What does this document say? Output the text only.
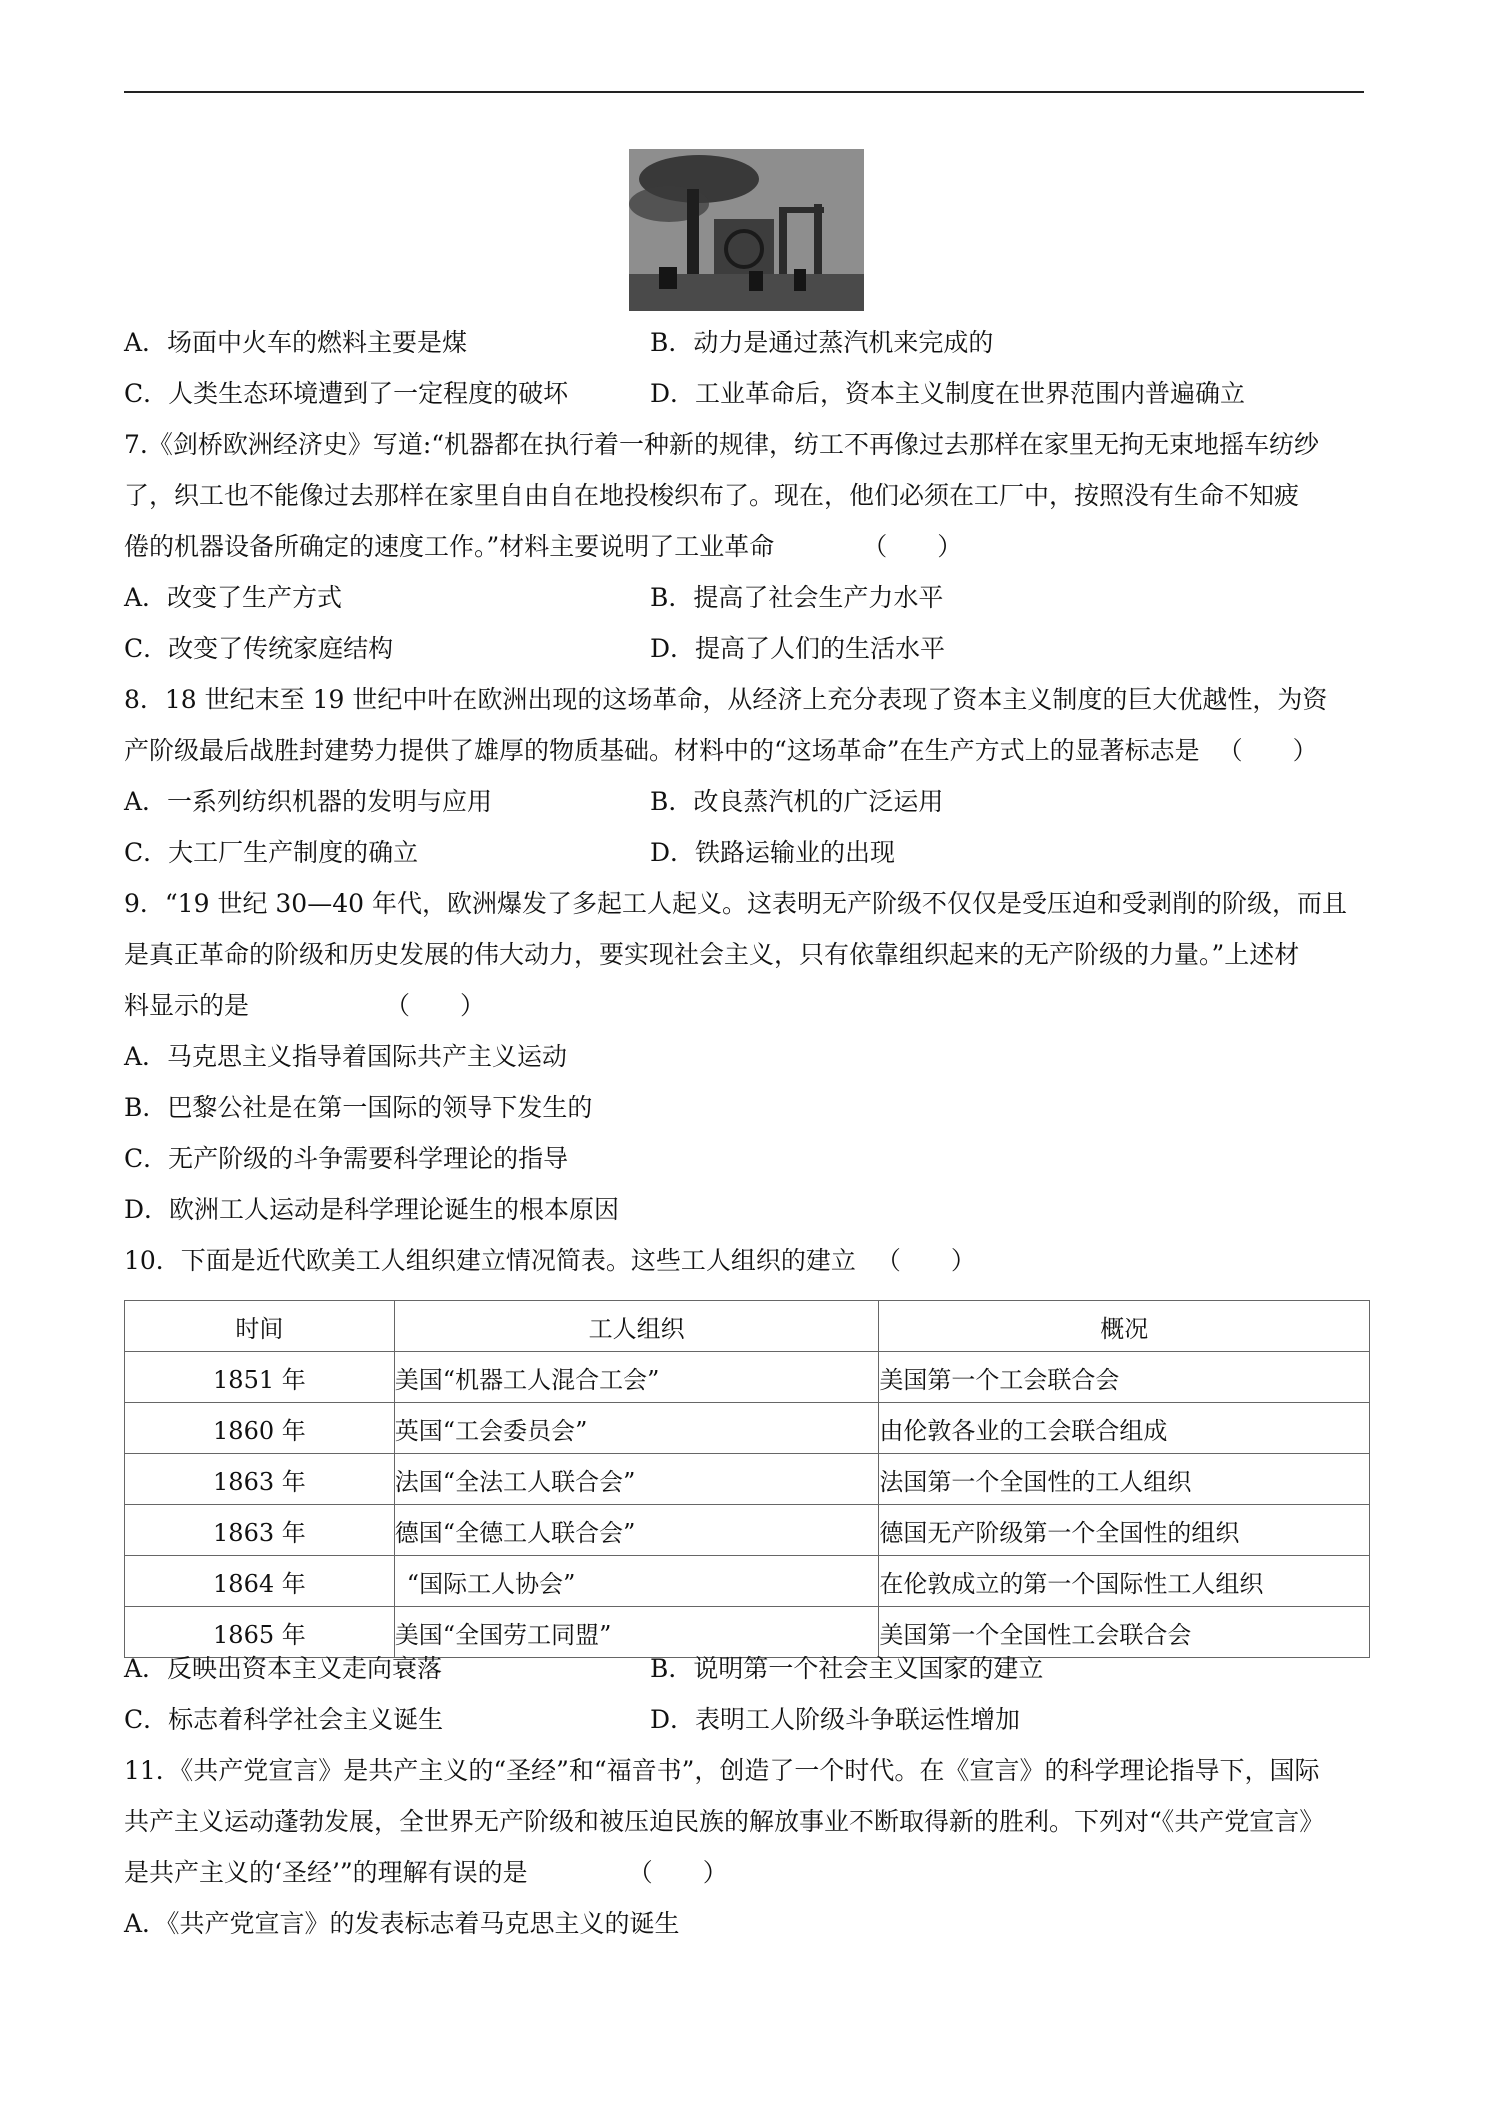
A．场面中火车的燃料主要是煤	B．动力是通过蒸汽机来完成的
C．人类生态环境遭到了一定程度的破坏	D．工业革命后，资本主义制度在世界范围内普遍确立
7.《剑桥欧洲经济史》写道:“机器都在执行着一种新的规律，纺工不再像过去那样在家里无拘无束地摇车纺纱
了，织工也不能像过去那样在家里自由自在地投梭织布了。现在，他们必须在工厂中，按照没有生命不知疲
倦的机器设备所确定的速度工作。”材料主要说明了工业革命	（　　）
A．改变了生产方式	B．提高了社会生产力水平
C．改变了传统家庭结构	D．提高了人们的生活水平
8．18 世纪末至 19 世纪中叶在欧洲出现的这场革命，从经济上充分表现了资本主义制度的巨大优越性，为资
产阶级最后战胜封建势力提供了雄厚的物质基础。材料中的“这场革命”在生产方式上的显著标志是 （　　）
A．一系列纺织机器的发明与应用	B．改良蒸汽机的广泛运用
C．大工厂生产制度的确立	D．铁路运输业的出现
9．“19 世纪 30—40 年代，欧洲爆发了多起工人起义。这表明无产阶级不仅仅是受压迫和受剥削的阶级，而且
是真正革命的阶级和历史发展的伟大动力，要实现社会主义，只有依靠组织起来的无产阶级的力量。”上述材
料显示的是	（　　）
A．马克思主义指导着国际共产主义运动
B．巴黎公社是在第一国际的领导下发生的
C．无产阶级的斗争需要科学理论的指导
D．欧洲工人运动是科学理论诞生的根本原因
10．下面是近代欧美工人组织建立情况简表。这些工人组织的建立 （　　）
时间	工人组织	概况
1851 年	美国“机器工人混合工会”	美国第一个工会联合会
1860 年	英国“工会委员会”	由伦敦各业的工会联合组成
1863 年	法国“全法工人联合会”	法国第一个全国性的工人组织
1863 年	德国“全德工人联合会”	德国无产阶级第一个全国性的组织
1864 年	“国际工人协会”	在伦敦成立的第一个国际性工人组织
1865 年	美国“全国劳工同盟”	美国第一个全国性工会联合会
A．反映出资本主义走向衰落	B．说明第一个社会主义国家的建立
C．标志着科学社会主义诞生	D．表明工人阶级斗争联运性增加
11．《共产党宣言》是共产主义的“圣经”和“福音书”，创造了一个时代。在《宣言》的科学理论指导下，国际
共产主义运动蓬勃发展，全世界无产阶级和被压迫民族的解放事业不断取得新的胜利。下列对“《共产党宣言》
是共产主义的‘圣经’”的理解有误的是	（　　）
A．《共产党宣言》的发表标志着马克思主义的诞生
